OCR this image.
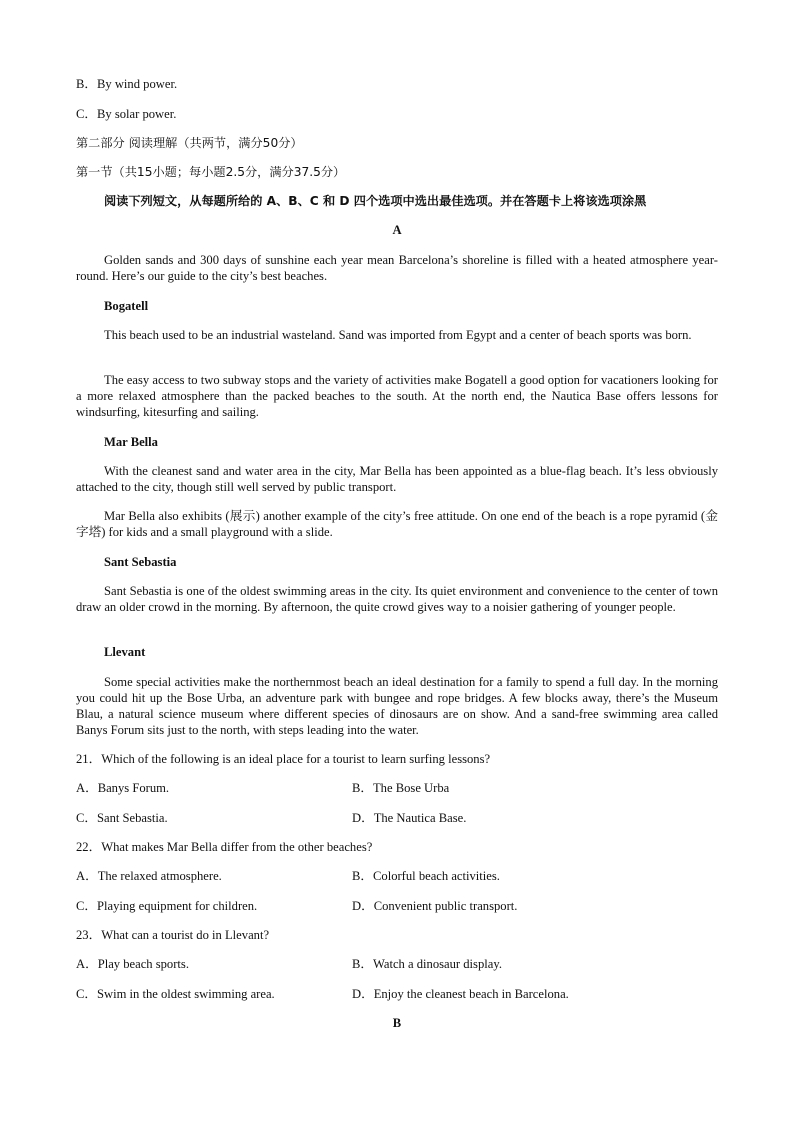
B．By wind power.
C．By solar power.
第二部分 阅读理解（共两节，满分50分）
第一节（共15小题；每小题2.5分，满分37.5分）
阅读下列短文，从每题所给的 A、B、C 和 D 四个选项中选出最佳选项。并在答题卡上将该选项涂黑
A
Golden sands and 300 days of sunshine each year mean Barcelona’s shoreline is filled with a heated atmosphere year-round. Here’s our guide to the city’s best beaches.
Bogatell
This beach used to be an industrial wasteland. Sand was imported from Egypt and a center of beach sports was born.
The easy access to two subway stops and the variety of activities make Bogatell a good option for vacationers looking for a more relaxed atmosphere than the packed beaches to the south. At the north end, the Nautica Base offers lessons for windsurfing, kitesurfing and sailing.
Mar Bella
With the cleanest sand and water area in the city, Mar Bella has been appointed as a blue-flag beach. It’s less obviously attached to the city, though still well served by public transport.
Mar Bella also exhibits (展示) another example of the city’s free attitude. On one end of the beach is a rope pyramid (金字塔) for kids and a small playground with a slide.
Sant Sebastia
Sant Sebastia is one of the oldest swimming areas in the city. Its quiet environment and convenience to the center of town draw an older crowd in the morning. By afternoon, the quite crowd gives way to a noisier gathering of younger people.
Llevant
Some special activities make the northernmost beach an ideal destination for a family to spend a full day. In the morning you could hit up the Bose Urba, an adventure park with bungee and rope bridges. A few blocks away, there’s the Museum Blau, a natural science museum where different species of dinosaurs are on show. And a sand-free swimming area called Banys Forum sits just to the north, with steps leading into the water.
21．Which of the following is an ideal place for a tourist to learn surfing lessons?
A．Banys Forum.	B．The Bose Urba
C．Sant Sebastia.	D．The Nautica Base.
22．What makes Mar Bella differ from the other beaches?
A．The relaxed atmosphere.	B．Colorful beach activities.
C．Playing equipment for children.	D．Convenient public transport.
23．What can a tourist do in Llevant?
A．Play beach sports.	B．Watch a dinosaur display.
C．Swim in the oldest swimming area.	D．Enjoy the cleanest beach in Barcelona.
B
